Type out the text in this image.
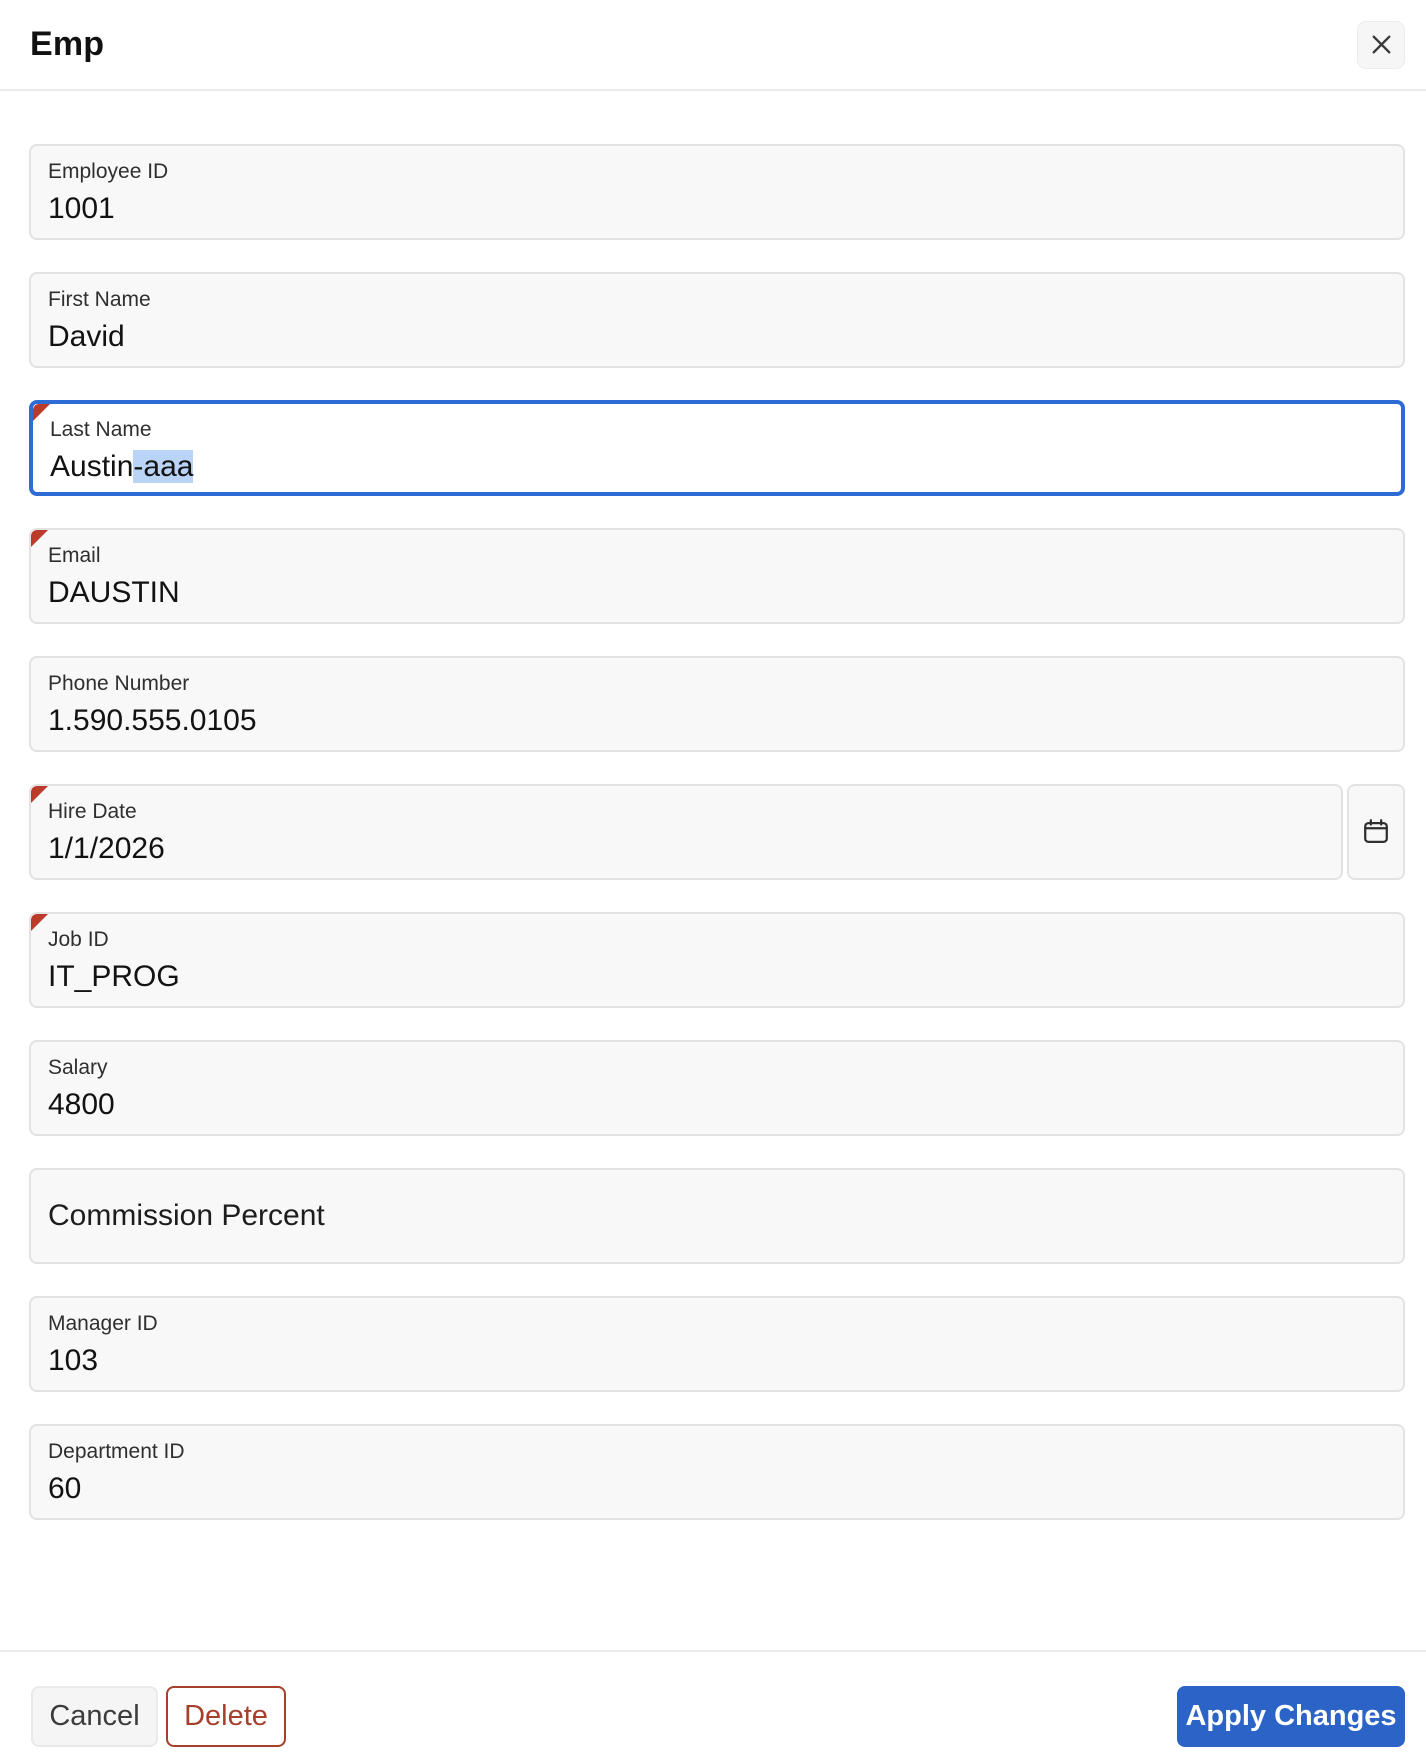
Emp
Employee ID
1001
First Name
David
Last Name
Austin-aaa
Email
DAUSTIN
Phone Number
1.590.555.0105
Hire Date
1/1/2026
Job ID
IT_PROG
Salary
4800
Commission Percent
Manager ID
103
Department ID
60
Cancel	Delete	Apply Changes
